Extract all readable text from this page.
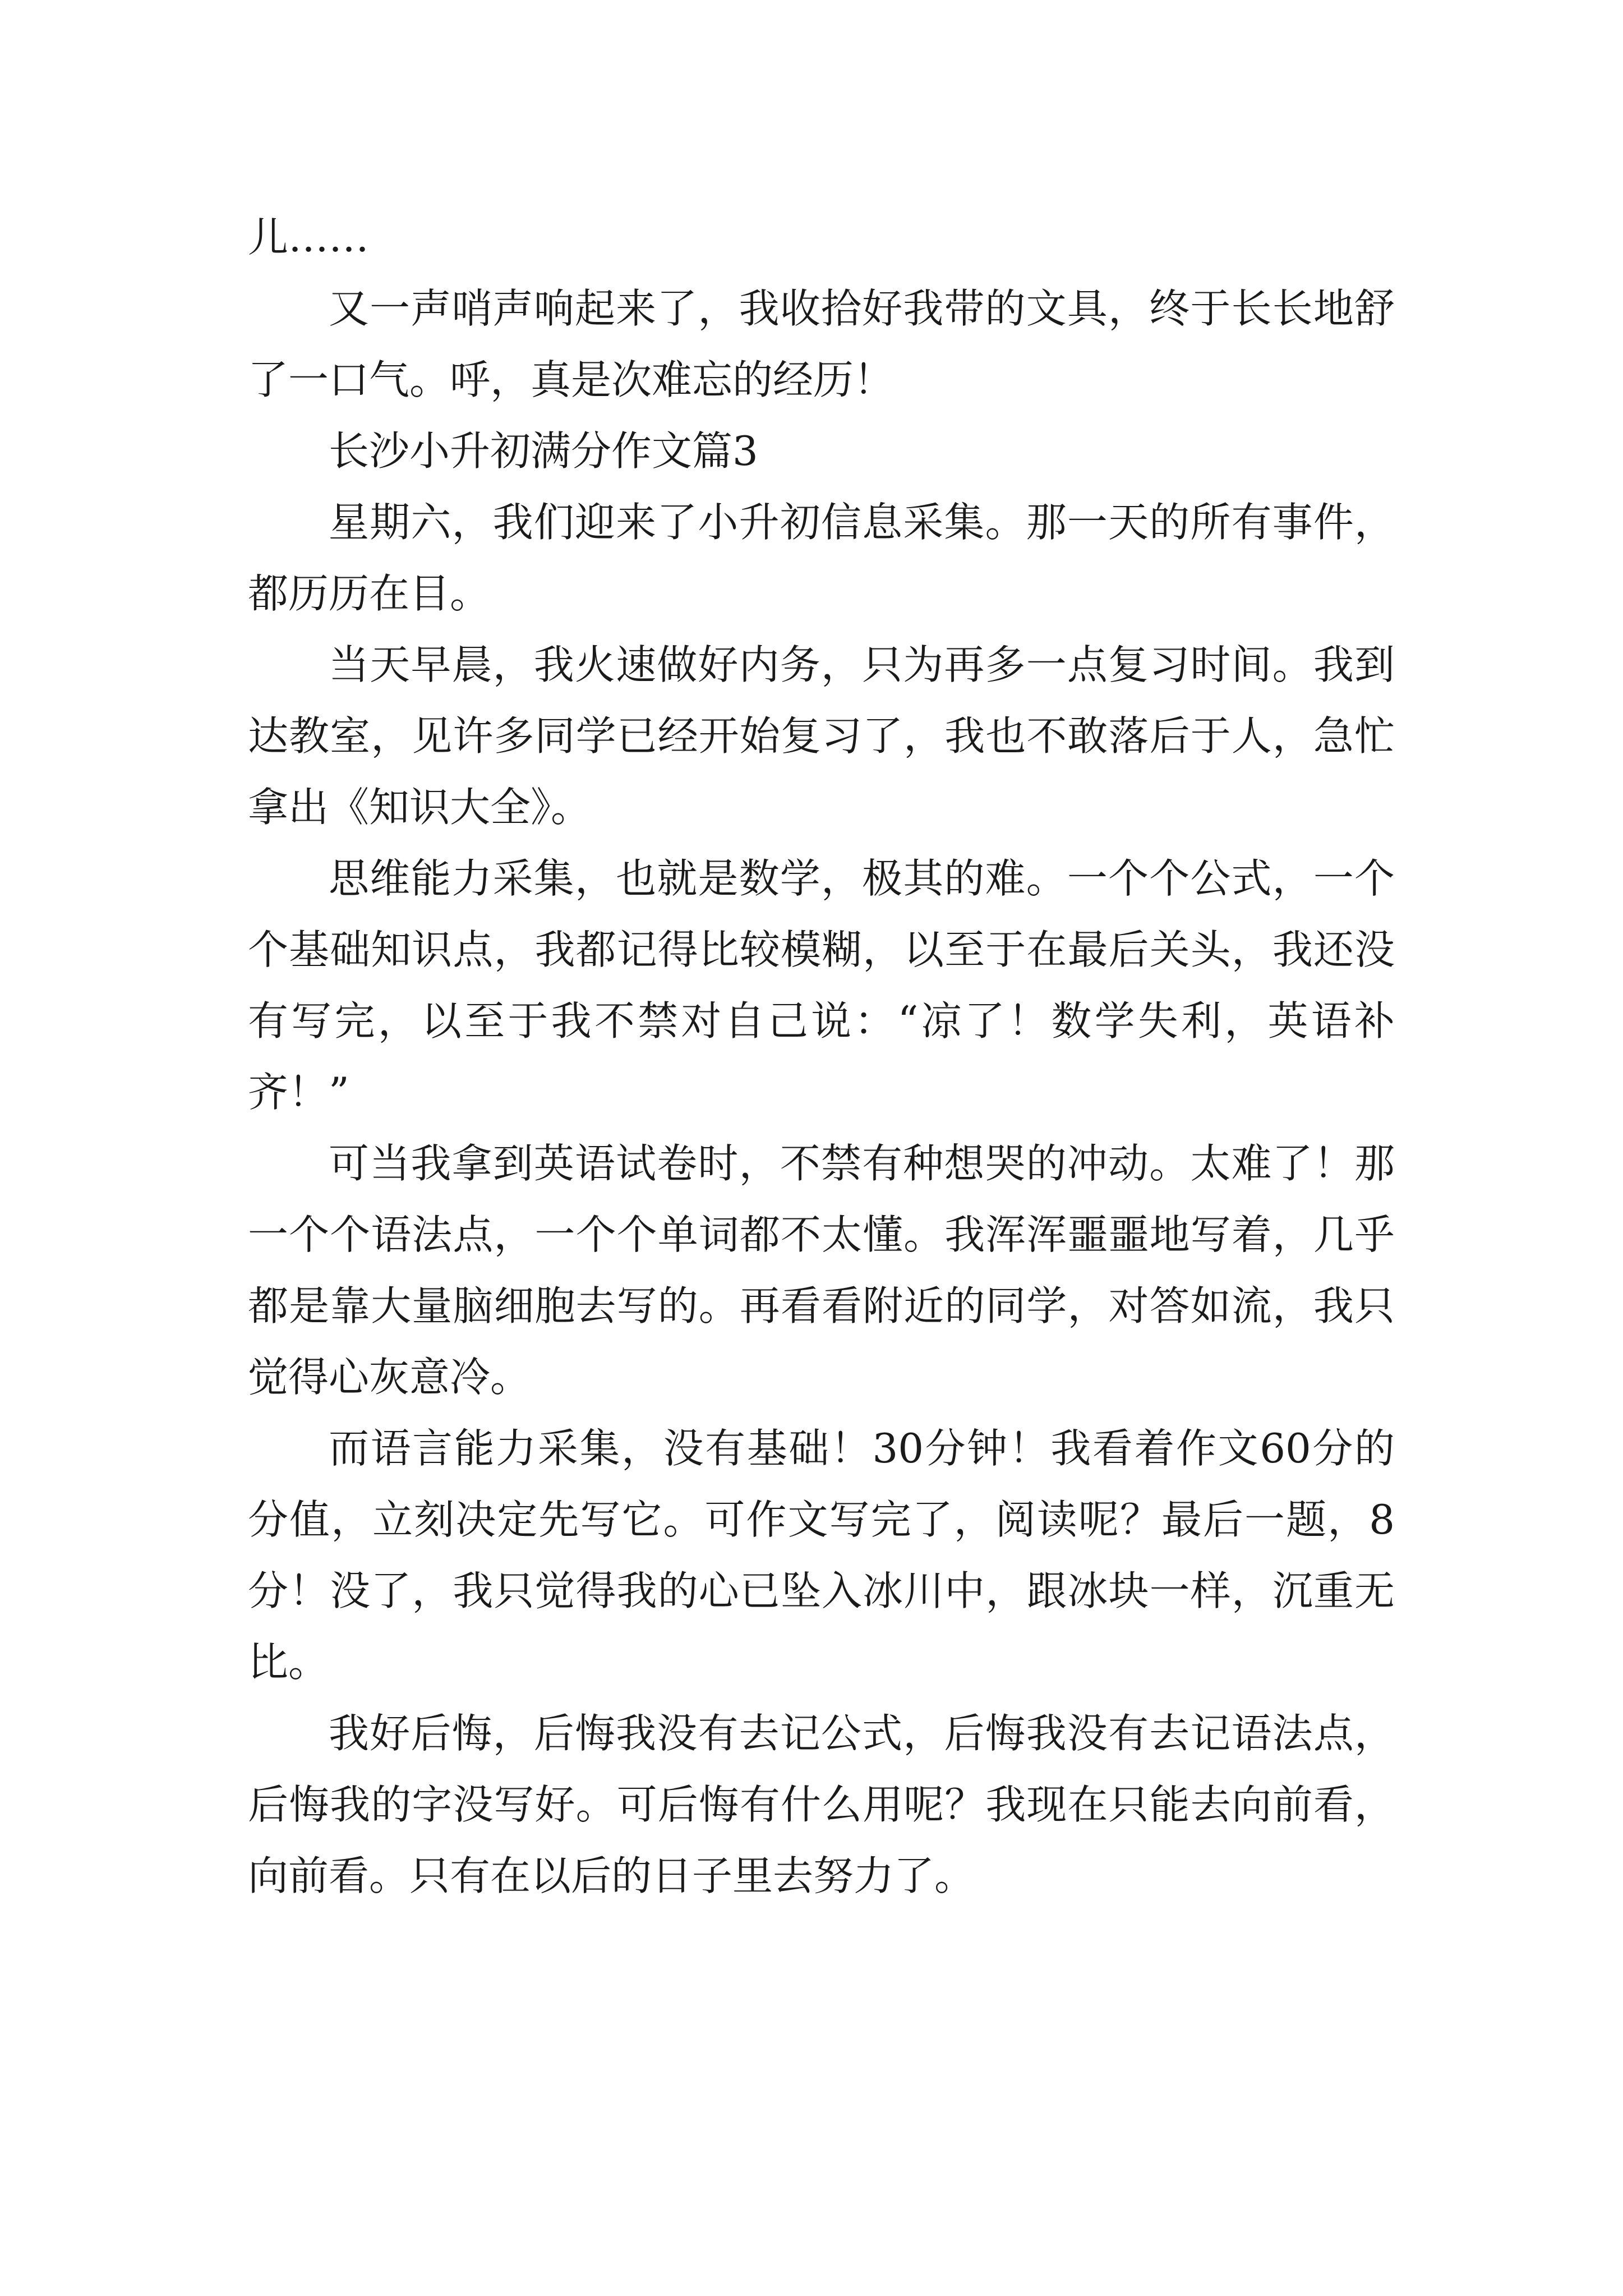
儿……

又一声哨声响起来了，我收拾好我带的文具，终于长长地舒了一口气。呼，真是次难忘的经历！

长沙小升初满分作文篇3

星期六，我们迎来了小升初信息采集。那一天的所有事件，都历历在目。

当天早晨，我火速做好内务，只为再多一点复习时间。我到达教室，见许多同学已经开始复习了，我也不敢落后于人，急忙拿出《知识大全》。

思维能力采集，也就是数学，极其的难。一个个公式，一个个基础知识点，我都记得比较模糊，以至于在最后关头，我还没有写完，以至于我不禁对自己说：“凉了！数学失利，英语补齐！”

可当我拿到英语试卷时，不禁有种想哭的冲动。太难了！那一个个语法点，一个个单词都不太懂。我浑浑噩噩地写着，几乎都是靠大量脑细胞去写的。再看看附近的同学，对答如流，我只觉得心灰意冷。

而语言能力采集，没有基础！30分钟！我看着作文60分的分值，立刻决定先写它。可作文写完了，阅读呢？最后一题，8分！没了，我只觉得我的心已坠入冰川中，跟冰块一样，沉重无比。

我好后悔，后悔我没有去记公式，后悔我没有去记语法点，后悔我的字没写好。可后悔有什么用呢？我现在只能去向前看，向前看。只有在以后的日子里去努力了。
